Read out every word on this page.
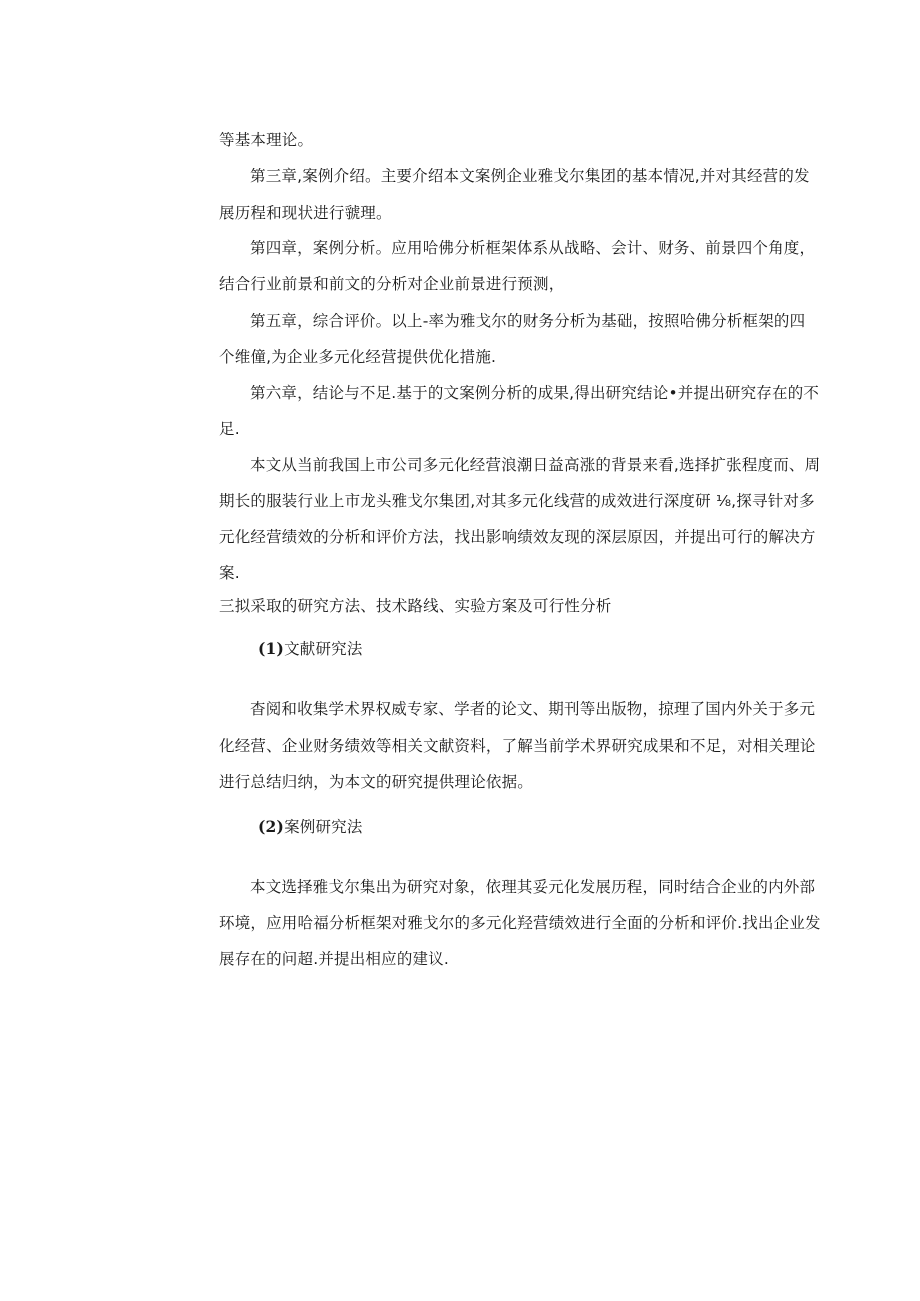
等基本理论。
第三章,案例介绍。主要介绍本文案例企业雅戈尔集团的基本情况,并对其经营的发
展历程和现状进行虢理。
第四章，案例分析。应用哈佛分析框架体系从战略、会计、财务、前景四个角度，
结合行业前景和前文的分析对企业前景进行预测，
第五章，综合评价。以上-率为雅戈尔的财务分析为基础，按照哈佛分析框架的四
个维僮,为企业多元化经营提供优化措施.
第六章，结论与不足.基于的文案例分析的成果,得出研究结论•并提出研究存在的不
足.
本文从当前我国上市公司多元化经营浪潮日益高涨的背景来看,选择扩张程度而、周
期长的服装行业上市龙头雅戈尔集团,对其多元化线营的成效进行深度研 ⅛,探寻针对多
元化经营绩效的分析和评价方法，找出影响绩效友现的深层原因，并提出可行的解决方
案.
三拟采取的研究方法、技术路线、实验方案及可行性分析
(1)文献研究法
杳阅和收集学术界权威专家、学者的论文、期刊等出版物，掠理了国内外关于多元
化经营、企业财务绩效等相关文献资料，了解当前学术界研究成果和不足，对相关理论
进行总结归纳，为本文的研究提供理论依据。
(2)案例研究法
本文选择雅戈尔集出为研究对象，依理其妥元化发展历程，同时结合企业的内外部
环境，应用哈福分析框架对雅戈尔的多元化羟营绩效进行全面的分析和评价.找出企业发
展存在的问超.并提出相应的建议.
